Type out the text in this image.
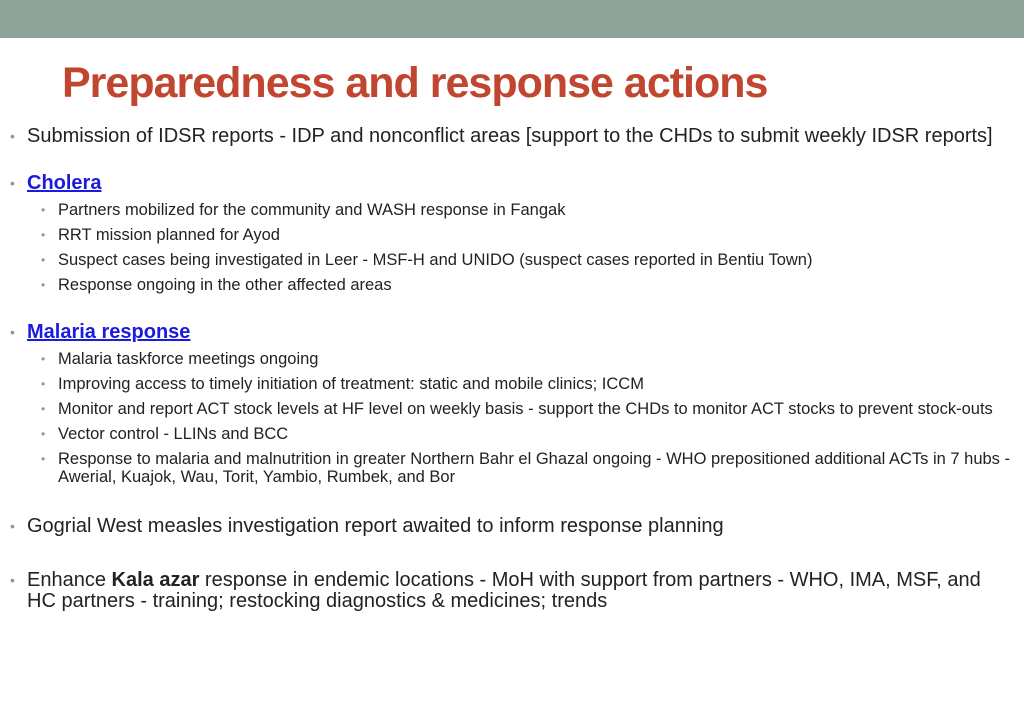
Preparedness and response actions
• Submission of IDSR reports - IDP and nonconflict areas [support to the CHDs to submit weekly IDSR reports]
• Cholera
• Partners mobilized for the community and WASH response in Fangak
• RRT mission planned for Ayod
• Suspect cases being investigated in Leer - MSF-H and UNIDO (suspect cases reported in Bentiu Town)
• Response ongoing in the other affected areas
• Malaria response
• Malaria taskforce meetings ongoing
• Improving access to timely initiation of treatment: static and mobile clinics; ICCM
• Monitor and report ACT stock levels at HF level on weekly basis - support the CHDs to monitor ACT stocks to prevent stock-outs
• Vector control - LLINs and BCC
• Response to malaria and malnutrition in greater Northern Bahr el Ghazal ongoing - WHO prepositioned additional ACTs in 7 hubs - Awerial, Kuajok, Wau, Torit, Yambio, Rumbek, and Bor
• Gogrial West measles investigation report awaited to inform response planning
• Enhance Kala azar response in endemic locations - MoH with support from partners - WHO, IMA, MSF, and HC partners - training; restocking diagnostics & medicines; trends
